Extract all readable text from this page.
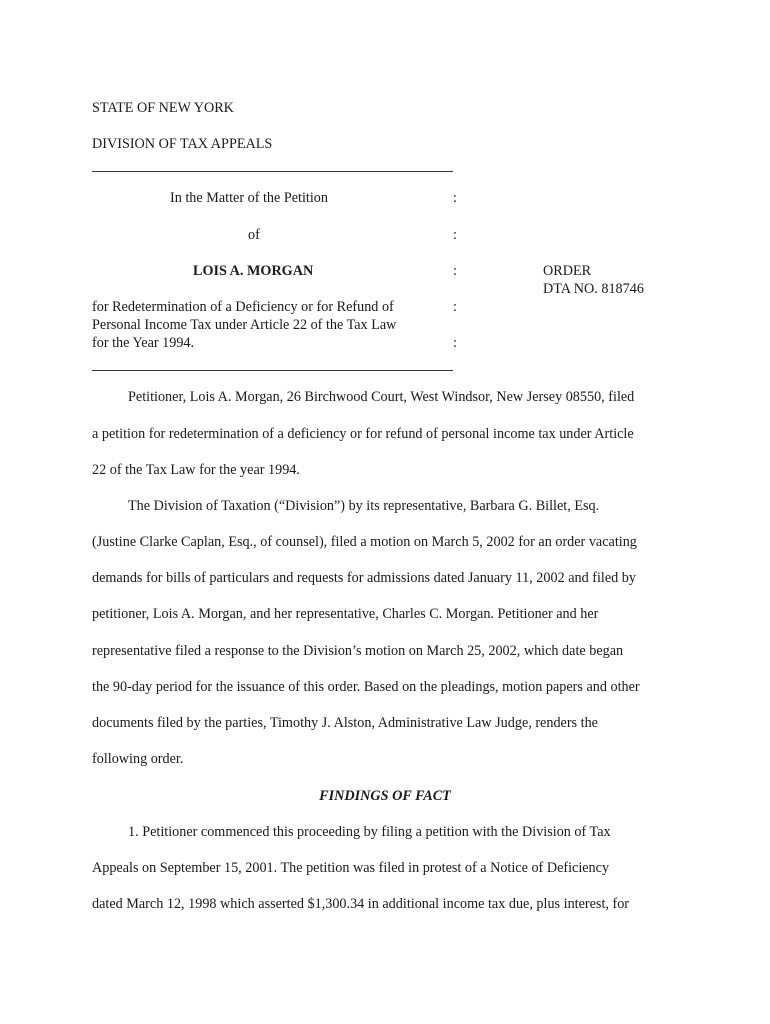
STATE OF NEW YORK
DIVISION OF TAX APPEALS
In the Matter of the Petition	:
of	:
LOIS A. MORGAN	:	ORDER
DTA NO. 818746
for Redetermination of a Deficiency or for Refund of	:
Personal Income Tax under Article 22 of the Tax Law
for the Year 1994.	:
Petitioner, Lois A. Morgan, 26 Birchwood Court, West Windsor, New Jersey 08550, filed
a petition for redetermination of a deficiency or for refund of personal income tax under Article
22 of the Tax Law for the year 1994.
The Division of Taxation (“Division”) by its representative, Barbara G. Billet, Esq.
(Justine Clarke Caplan, Esq., of counsel), filed a motion on March 5, 2002 for an order vacating
demands for bills of particulars and requests for admissions dated January 11, 2002 and filed by
petitioner, Lois A. Morgan, and her representative, Charles C. Morgan. Petitioner and her
representative filed a response to the Division’s motion on March 25, 2002, which date began
the 90-day period for the issuance of this order. Based on the pleadings, motion papers and other
documents filed by the parties, Timothy J. Alston, Administrative Law Judge, renders the
following order.
FINDINGS OF FACT
1. Petitioner commenced this proceeding by filing a petition with the Division of Tax
Appeals on September 15, 2001. The petition was filed in protest of a Notice of Deficiency
dated March 12, 1998 which asserted $1,300.34 in additional income tax due, plus interest, for
